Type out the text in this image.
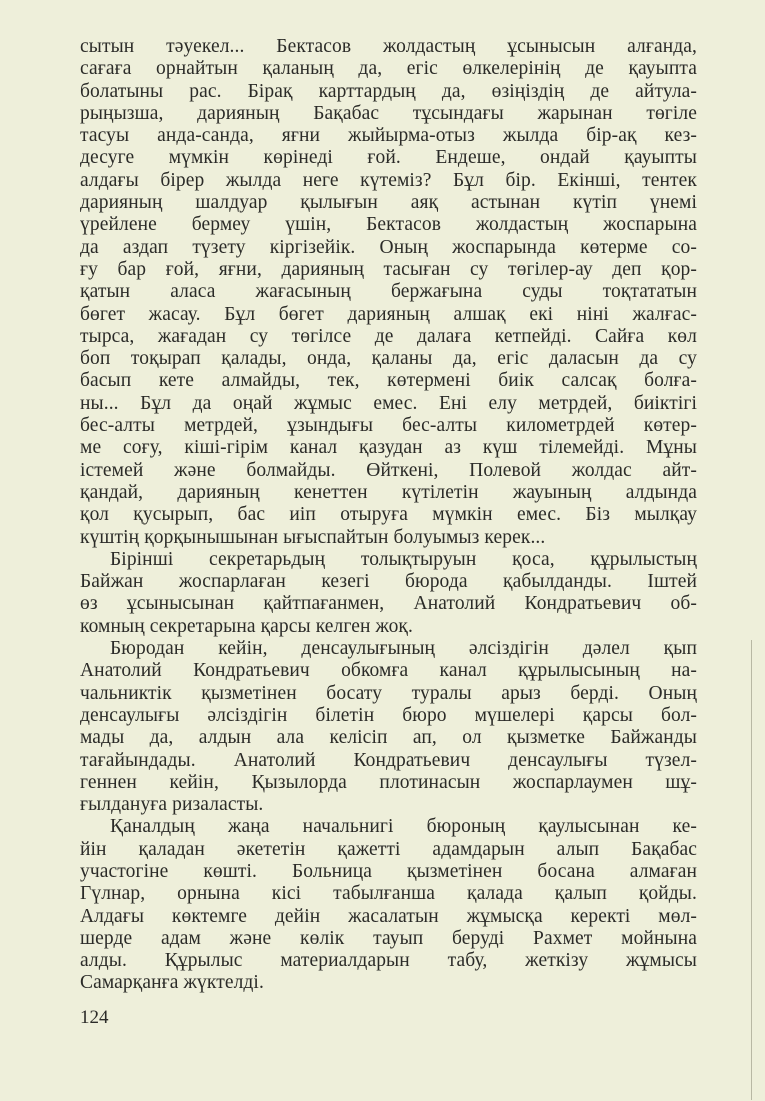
сытын тәуекел... Бектасов жолдастың ұсынысын алғанда,
сағаға орнайтын қаланың да, егіс өлкелерінің де қауыпта
болатыны рас. Бірақ карттардың да, өзіңіздің де айтула-
рыңызша, дарияның Бақабас тұсындағы жарынан төгіле
тасуы анда-санда, яғни жыйырма-отыз жылда бір-ақ кез-
десуге мүмкін көрінеді ғой. Ендеше, ондай қауыпты
алдағы бірер жылда неге күтеміз? Бұл бір. Екінші, тентек
дарияның шалдуар қылығын аяқ астынан күтіп үнемі
үрейлене бермеу үшін, Бектасов жолдастың жоспарына
да аздап түзету кіргізейік. Оның жоспарында көтерме со-
ғу бар ғой, яғни, дарияның тасыған су төгілер-ау деп қор-
қатын аласа жағасының бержағына суды тоқтататын
бөгет жасау. Бұл бөгет дарияның алшақ екі ніні жалғас-
тырса, жағадан су төгілсе де далаға кетпейді. Сайға көл
боп тоқырап қалады, онда, қаланы да, егіс даласын да су
басып кете алмайды, тек, көтермені биік салсақ болға-
ны... Бұл да оңай жұмыс емес. Ені елу метрдей, биіктігі
бес-алты метрдей, ұзындығы бес-алты километрдей көтер-
ме соғу, кіші-гірім канал қазудан аз күш тілемейді. Мұны
істемей және болмайды. Өйткені, Полевой жолдас айт-
қандай, дарияның кенеттен күтілетін жауының алдында
қол қусырып, бас иіп отыруға мүмкін емес. Біз мылқау
күштің қорқынышынан ығыспайтын болуымыз керек...
Бірінші секретарьдың толықтыруын қоса, құрылыстың
Байжан жоспарлаған кезегі бюрода қабылданды. Іштей
өз ұсынысынан қайтпағанмен, Анатолий Кондратьевич об-
комның секретарына қарсы келген жоқ.
Бюродан кейін, денсаулығының әлсіздігін дәлел қып
Анатолий Кондратьевич обкомға канал құрылысының на-
чальниктік қызметінен босату туралы арыз берді. Оның
денсаулығы әлсіздігін білетін бюро мүшелері қарсы бол-
мады да, алдын ала келісіп ап, ол қызметке Байжанды
тағайындады. Анатолий Кондратьевич денсаулығы түзел-
геннен кейін, Қызылорда плотинасын жоспарлаумен шұ-
ғылдануға ризаласты.
Қаналдың жаңа начальнигі бюроның қаулысынан ке-
йін қаладан әкететін қажетті адамдарын алып Бақабас
участогіне көшті. Больница қызметінен босана алмаған
Гүлнар, орнына кісі табылғанша қалада қалып қойды.
Алдағы көктемге дейін жасалатын жұмысқа керекті мөл-
шерде адам және көлік тауып беруді Рахмет мойнына
алды. Құрылыс материалдарын табу, жеткізу жұмысы
Самарқанға жүктелді.
124
